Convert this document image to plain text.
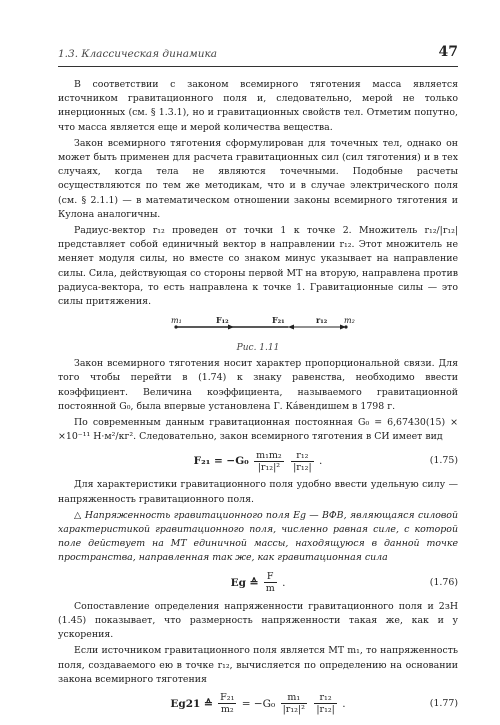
1.3. Классическая динамика	47

В соответствии с законом всемирного тяготения масса является источником гравитационного поля и, следовательно, мерой не только инерционных (см. § 1.3.1), но и гравитационных свойств тел. Отметим попутно, что масса является еще и мерой количества вещества.

Закон всемирного тяготения сформулирован для точечных тел, однако он может быть применен для расчета гравитационных сил (сил тяготения) и в тех случаях, когда тела не являются точечными. Подобные расчеты осуществляются по тем же методикам, что и в случае электрического поля (см. § 2.1.1) — в математическом отношении законы всемирного тяготения и Кулона аналогичны.

Радиус-вектор r₁₂ проведен от точки 1 к точке 2. Множитель r₁₂/|r₁₂| представляет собой единичный вектор в направлении r₁₂. Этот множитель не меняет модуля силы, но вместе со знаком минус указывает на направление силы. Сила, действующая со стороны первой МТ на вторую, направлена против радиуса-вектора, то есть направлена к точке 1. Гравитационные силы — это силы притяжения.

m₁	F₁₂	F₂₁	r₁₂ m₂
Рис. 1.11

Закон всемирного тяготения носит характер пропорциональной связи. Для того чтобы перейти в (1.74) к знаку равенства, необходимо ввести коэффициент. Величина коэффициента, называемого гравитационной постоянной G₀, была впервые установлена Г. Ка́вендишем в 1798 г.

По современным данным гравитационная постоянная G₀ = 6,67430(15) × ×10⁻¹¹ Н·м²/кг². Следовательно, закон всемирного тяготения в СИ имеет вид

$F_{21} = -G_0 \frac{\text{m₁m₂}}{\text{|r₁₂|²}}$
$\frac{\text{r₁₂}}{\text{|r₁₂|}}$ .	(1.75)

Для характеристики гравитационного поля удобно ввести удельную силу — напряженность гравитационного поля.

△ Напряженность гравитационного поля Eg — ВФВ, являющаяся силовой характеристикой гравитационного поля, численно равная силе, с которой поле действует на МТ единичной массы, находящуюся в данной точке пространства, направленная так же, как гравитационная сила

Eg ≙ $\frac{F}{m}$ .	(1.76)

Сопоставление определения напряженности гравитационного поля и 2зН (1.45) показывает, что размерность напряженности такая же, как и у ускорения.

Если источником гравитационного поля является МТ m₁, то напряженность поля, создаваемого ею в точке r₁₂, вычисляется по определению на основании закона всемирного тяготения

Eg21 ≙ $\frac{\text{F₂₁}}{\text{m₂}} = -G_0 \frac{\text{m₁}}{\text{|r₁₂|²}}$
$\frac{\text{r₁₂}}{\text{|r₁₂|}}$ .	(1.77)
